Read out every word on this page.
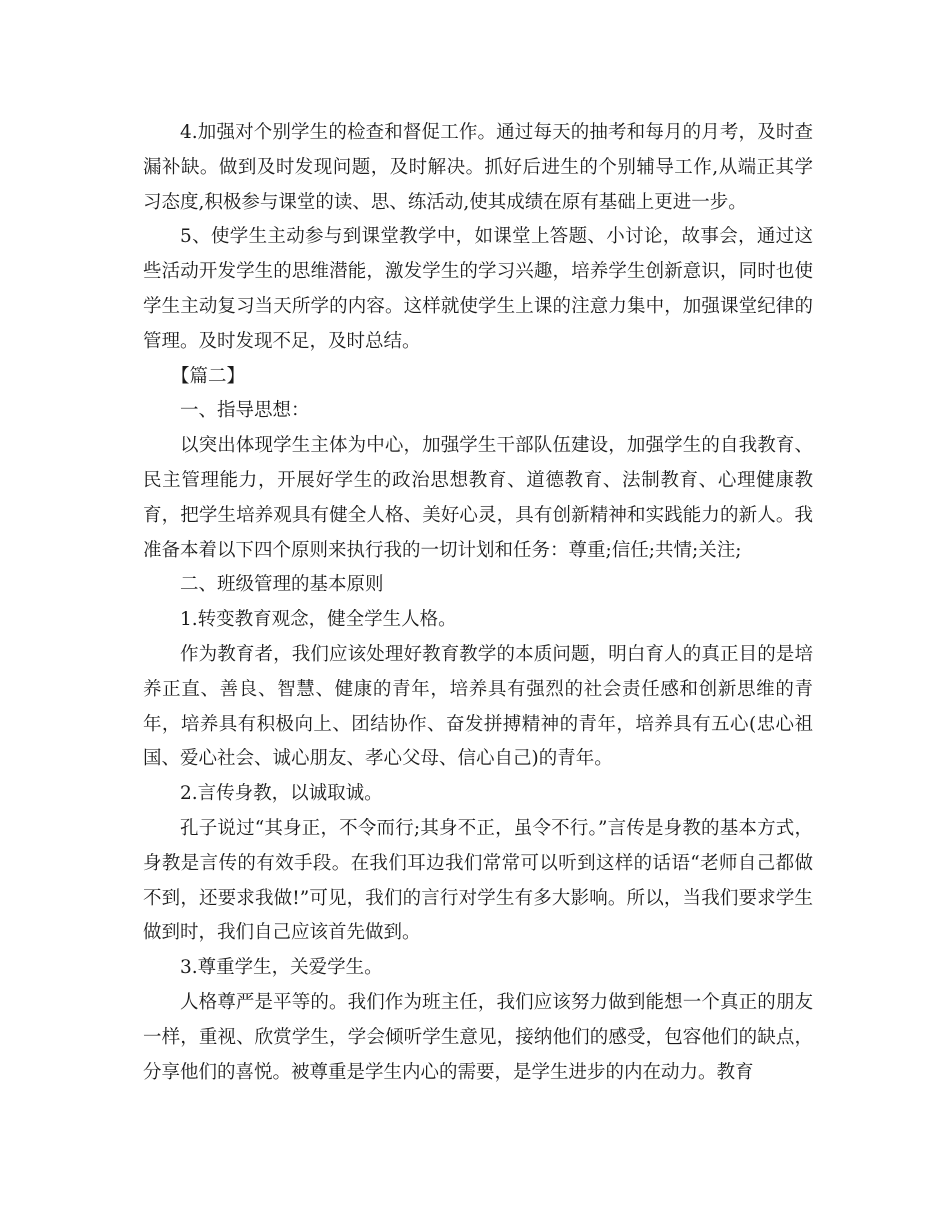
4.加强对个别学生的检查和督促工作。通过每天的抽考和每月的月考，及时查漏补缺。做到及时发现问题，及时解决。抓好后进生的个别辅导工作,从端正其学习态度,积极参与课堂的读、思、练活动,使其成绩在原有基础上更进一步。

5、使学生主动参与到课堂教学中，如课堂上答题、小讨论，故事会，通过这些活动开发学生的思维潜能，激发学生的学习兴趣，培养学生创新意识，同时也使学生主动复习当天所学的内容。这样就使学生上课的注意力集中，加强课堂纪律的管理。及时发现不足，及时总结。

【篇二】

一、指导思想：

以突出体现学生主体为中心，加强学生干部队伍建设，加强学生的自我教育、民主管理能力，开展好学生的政治思想教育、道德教育、法制教育、心理健康教育，把学生培养观具有健全人格、美好心灵，具有创新精神和实践能力的新人。我准备本着以下四个原则来执行我的一切计划和任务：尊重;信任;共情;关注;

二、班级管理的基本原则

1.转变教育观念，健全学生人格。

作为教育者，我们应该处理好教育教学的本质问题，明白育人的真正目的是培养正直、善良、智慧、健康的青年，培养具有强烈的社会责任感和创新思维的青年，培养具有积极向上、团结协作、奋发拼搏精神的青年，培养具有五心(忠心祖国、爱心社会、诚心朋友、孝心父母、信心自己)的青年。

2.言传身教，以诚取诚。

孔子说过“其身正，不令而行;其身不正，虽令不行。”言传是身教的基本方式，身教是言传的有效手段。在我们耳边我们常常可以听到这样的话语“老师自己都做不到，还要求我做!”可见，我们的言行对学生有多大影响。所以，当我们要求学生做到时，我们自己应该首先做到。

3.尊重学生，关爱学生。

人格尊严是平等的。我们作为班主任，我们应该努力做到能想一个真正的朋友一样，重视、欣赏学生，学会倾听学生意见，接纳他们的感受，包容他们的缺点，分享他们的喜悦。被尊重是学生内心的需要，是学生进步的内在动力。教育
